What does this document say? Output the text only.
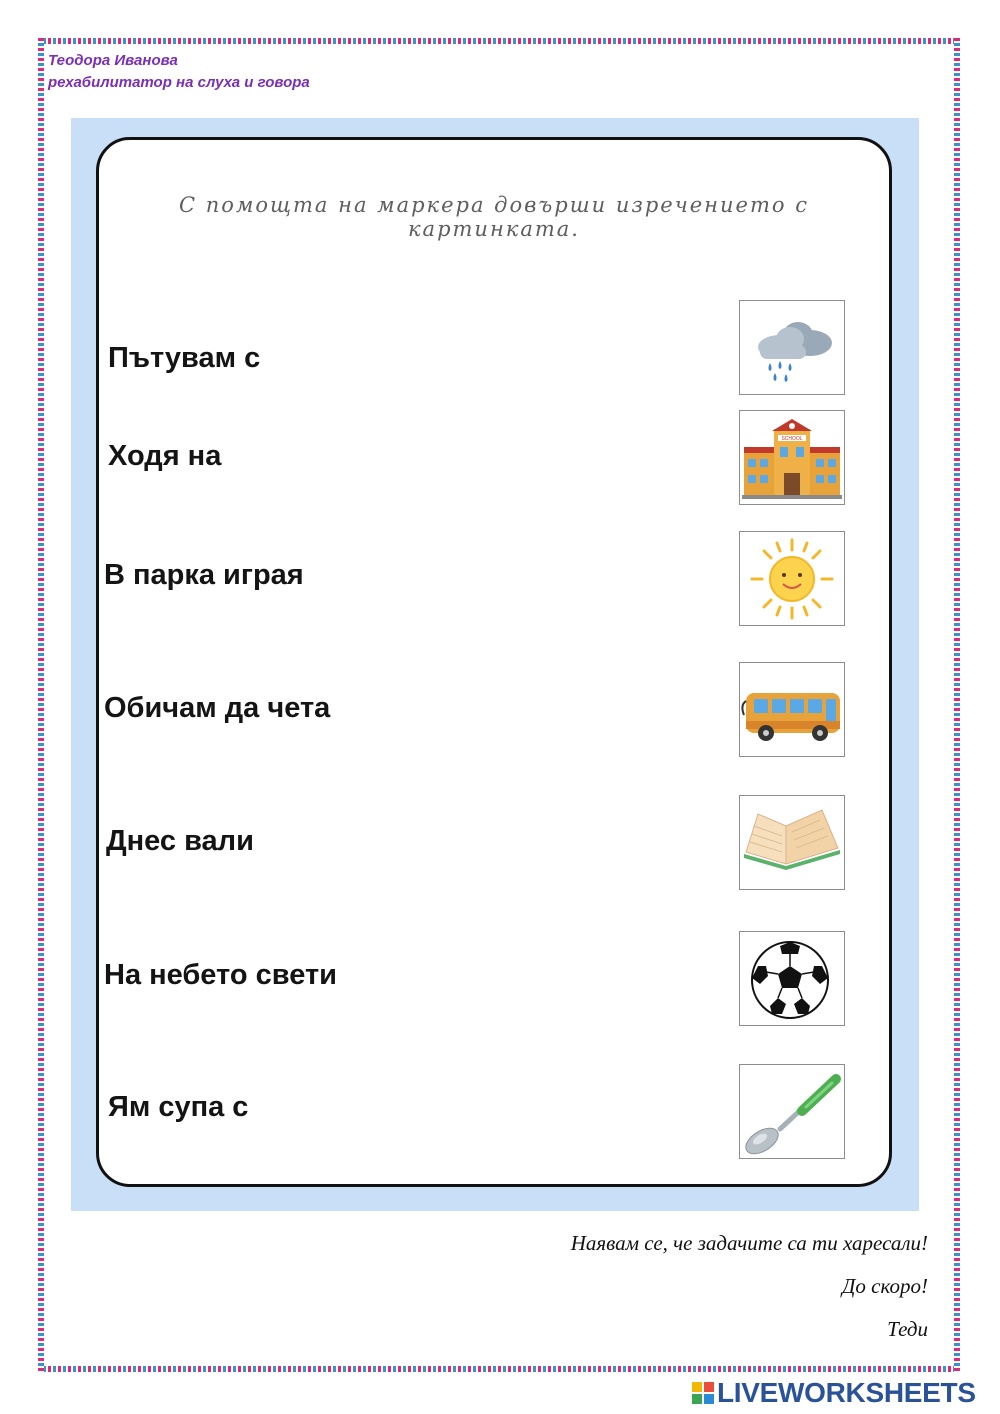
Теодора Иванова
рехабилитатор на слуха и говора
С помощта на маркера довърши изречението с картинката.
Пътувам с
Ходя на
В парка играя
Обичам да чета
Днес вали
На небето свети
Ям супа с
SCHOOL
Наявам се, че задачите са ти харесали!
До скоро!
Теди
LIVEWORKSHEETS
